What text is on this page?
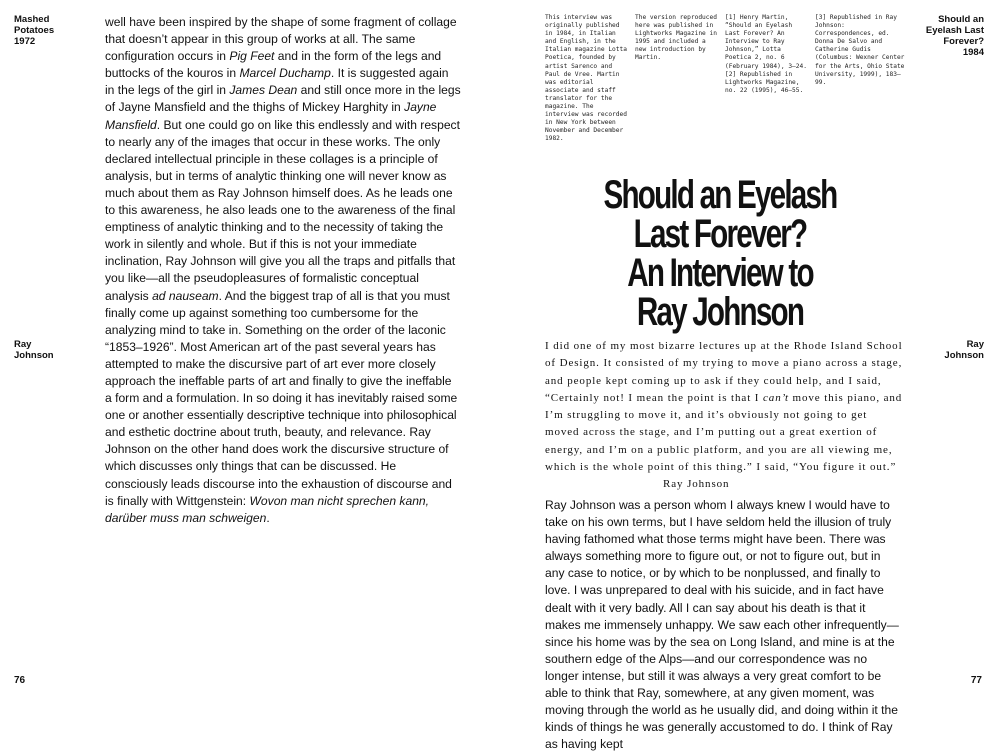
Mashed
Potatoes
1972
Ray
Johnson
76

well have been inspired by the shape of some fragment of collage that doesn’t appear in this group of works at all. The same configuration occurs in Pig Feet and in the form of the legs and buttocks of the kouros in Marcel Duchamp. It is suggested again in the legs of the girl in James Dean and still once more in the legs of Jayne Mansfield and the thighs of Mickey Harghity in Jayne Mansfield. But one could go on like this endlessly and with respect to nearly any of the images that occur in these works. The only declared intellectual principle in these collages is a principle of analysis, but in terms of analytic thinking one will never know as much about them as Ray Johnson himself does. As he leads one to this awareness, he also leads one to the awareness of the final emptiness of analytic thinking and to the necessity of taking the work in silently and whole. But if this is not your immediate inclination, Ray Johnson will give you all the traps and pitfalls that you like—all the pseudopleasures of formalistic conceptual analysis ad nauseam. And the biggest trap of all is that you must finally come up against something too cumbersome for the analyzing mind to take in. Something on the order of the laconic “1853–1926”. Most American art of the past several years has attempted to make the discursive part of art ever more closely approach the ineffable parts of art and finally to give the ineffable a form and a formulation. In so doing it has inevitably raised some one or another essentially descriptive technique into philosophical and esthetic doctrine about truth, beauty, and relevance. Ray Johnson on the other hand does work the discursive structure of which discusses only things that can be discussed. He consciously leads discourse into the exhaustion of discourse and is finally with Wittgenstein: Wovon man nicht sprechen kann, darüber muss man schweigen.

This interview was originally published in 1984, in Italian and English, in the Italian magazine Lotta Poetica, founded by artist Sarenco and Paul de Vree. Martin was editorial associate and staff translator for the magazine. The interview was recorded in New York between November and December 1982.

The version reproduced here was published in Lightworks Magazine in 1995 and included a new introduction by Martin.

[1] Henry Martin, “Should an Eyelash Last Forever? An Interview to Ray Johnson,” Lotta Poetica 2, no. 6 (February 1984), 3–24.

[2] Republished in Lightworks Magazine, no. 22 (1995), 46–55.

[3] Republished in Ray Johnson: Correspondences, ed. Donna De Salvo and Catherine Gudis (Columbus: Wexner Center for the Arts, Ohio State University, 1999), 183–99.

Should an
Eyelash Last
Forever?
1984
Ray
Johnson
Should an Eyelash
Last Forever?
An Interview to
Ray Johnson

I did one of my most bizarre lectures up at the Rhode Island School of Design. It consisted of my trying to move a piano across a stage, and people kept coming up to ask if they could help, and I said, “Certainly not! I mean the point is that I can’t move this piano, and I’m struggling to move it, and it’s obviously not going to get moved across the stage, and I’m putting out a great exertion of energy, and I’m on a public platform, and you are all viewing me, which is the whole point of this thing.” I said, “You figure it out.”

Ray Johnson

Ray Johnson was a person whom I always knew I would have to take on his own terms, but I have seldom held the illusion of truly having fathomed what those terms might have been. There was always something more to figure out, or not to figure out, but in any case to notice, or by which to be nonplussed, and finally to love. I was unprepared to deal with his suicide, and in fact have dealt with it very badly. All I can say about his death is that it makes me immensely unhappy. We saw each other infrequently—since his home was by the sea on Long Island, and mine is at the southern edge of the Alps—and our correspondence was no longer intense, but still it was always a very great comfort to be able to think that Ray, somewhere, at any given moment, was moving through the world as he usually did, and doing within it the kinds of things he was generally accustomed to do. I think of Ray as having kept

77
